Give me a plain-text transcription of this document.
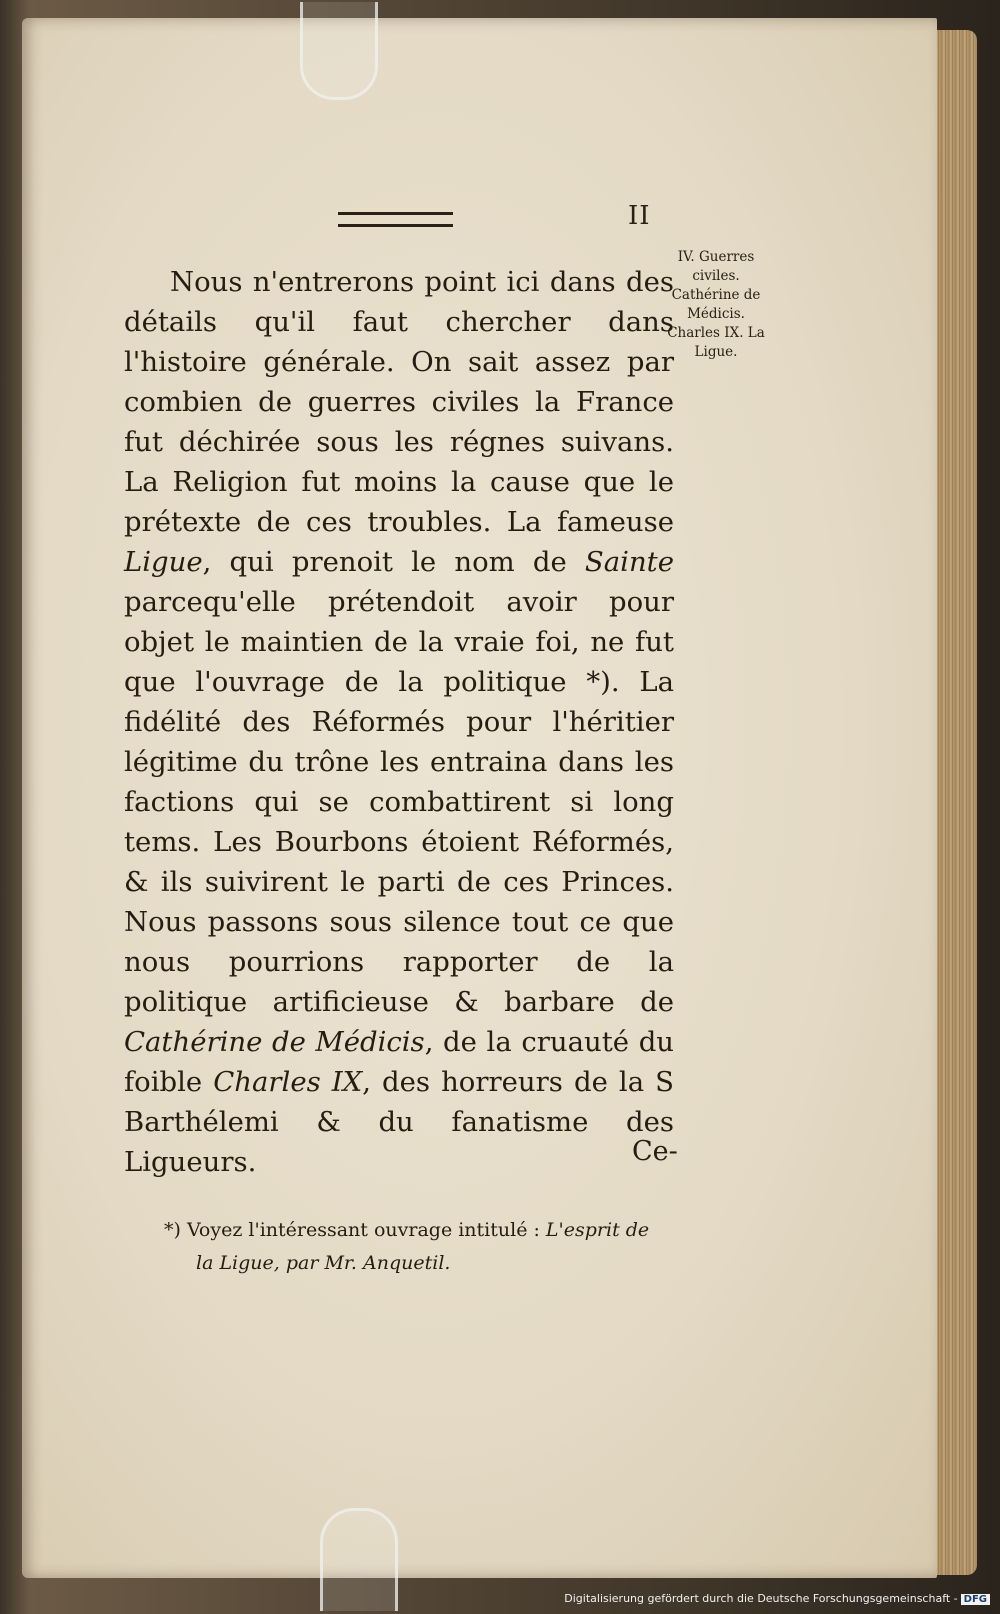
II
IV. Guerres civiles. Cathérine de Médicis. Charles IX. La Ligue.

Nous n'entrerons point ici dans des détails qu'il faut chercher dans l'histoire générale. On sait assez par combien de guerres civiles la France fut déchirée sous les régnes suivans. La Religion fut moins la cause que le prétexte de ces troubles. La fameuse Ligue, qui prenoit le nom de Sainte parcequ'elle prétendoit avoir pour objet le maintien de la vraie foi, ne fut que l'ouvrage de la politique *). La fidélité des Réformés pour l'héritier légitime du trône les entraina dans les factions qui se combattirent si long tems. Les Bourbons étoient Réformés, & ils suivirent le parti de ces Princes. Nous passons sous silence tout ce que nous pourrions rapporter de la politique artificieuse & barbare de Cathérine de Médicis, de la cruauté du foible Charles IX, des horreurs de la S Barthélemi & du fanatisme des Ligueurs.	Ce-
*) Voyez l'intéressant ouvrage intitulé : L'esprit de
la Ligue, par Mr. Anquetil.
Digitalisierung gefördert durch die Deutsche Forschungsgemeinschaft - DFG
